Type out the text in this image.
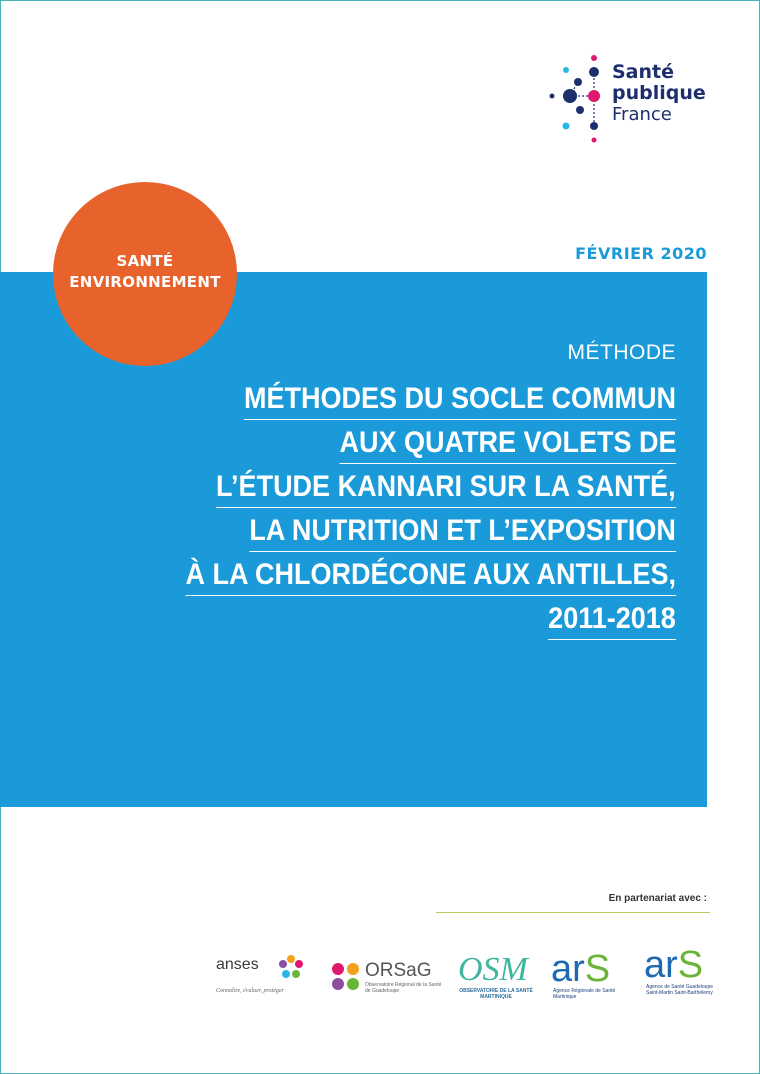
Santé
publique
France
FÉVRIER 2020
SANTÉ
ENVIRONNEMENT
MÉTHODE
MÉTHODES DU SOCLE COMMUN
AUX QUATRE VOLETS DE
L’ÉTUDE KANNARI SUR LA SANTÉ,
LA NUTRITION ET L’EXPOSITION
À LA CHLORDÉCONE AUX ANTILLES,
2011-2018
En partenariat avec :
anses
Connaître, évaluer, protéger
ORSaG
Observatoire Régional de la Santé de Guadeloupe
OSM
OBSERVATOIRE DE LA SANTÉ MARTINIQUE
arS
Agence Régionale de Santé Martinique
arS
Agence de Santé Guadeloupe Saint-Martin Saint-Barthélemy
